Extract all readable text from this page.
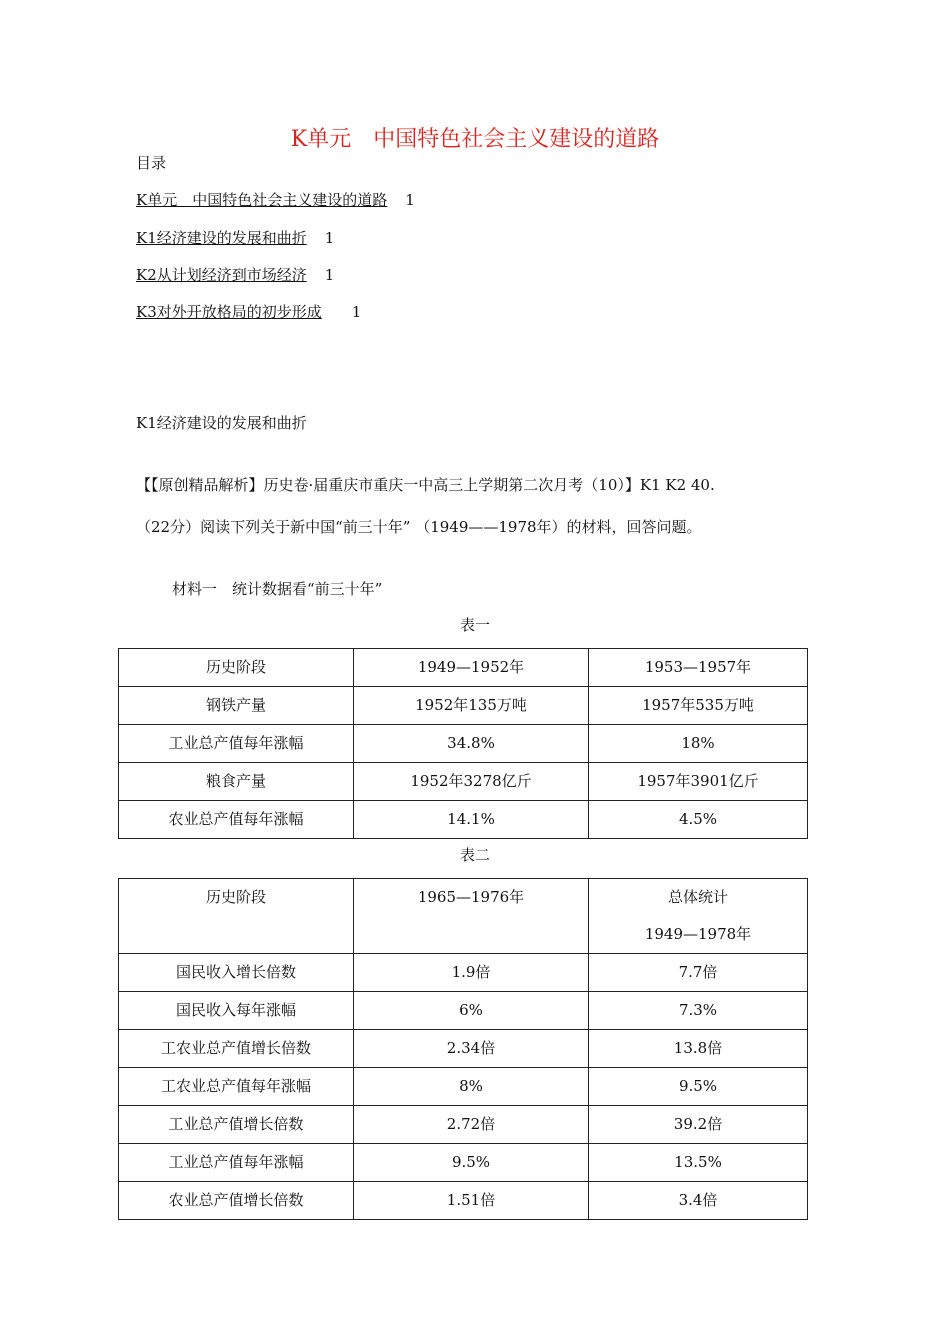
K单元　中国特色社会主义建设的道路
目录
K单元　中国特色社会主义建设的道路 1
K1经济建设的发展和曲折 1
K2从计划经济到市场经济 1
K3对外开放格局的初步形成 1
K1经济建设的发展和曲折
【【原创精品解析】历史卷·届重庆市重庆一中高三上学期第二次月考（10）】K1 K2 40.
（22分）阅读下列关于新中国“前三十年” （1949——1978年）的材料，回答问题。
材料一　统计数据看“前三十年”
表一
历史阶段	1949—1952年	1953—1957年
钢铁产量	1952年135万吨	1957年535万吨
工业总产值每年涨幅	34.8%	18%
粮食产量	1952年3278亿斤	1957年3901亿斤
农业总产值每年涨幅	14.1%	4.5%
表二
历史阶段	1965—1976年	总体统计
1949—1978年

国民收入增长倍数	1.9倍	7.7倍
国民收入每年涨幅	6%	7.3%
工农业总产值增长倍数	2.34倍	13.8倍
工农业总产值每年涨幅	8%	9.5%
工业总产值增长倍数	2.72倍	39.2倍
工业总产值每年涨幅	9.5%	13.5%
农业总产值增长倍数	1.51倍	3.4倍
